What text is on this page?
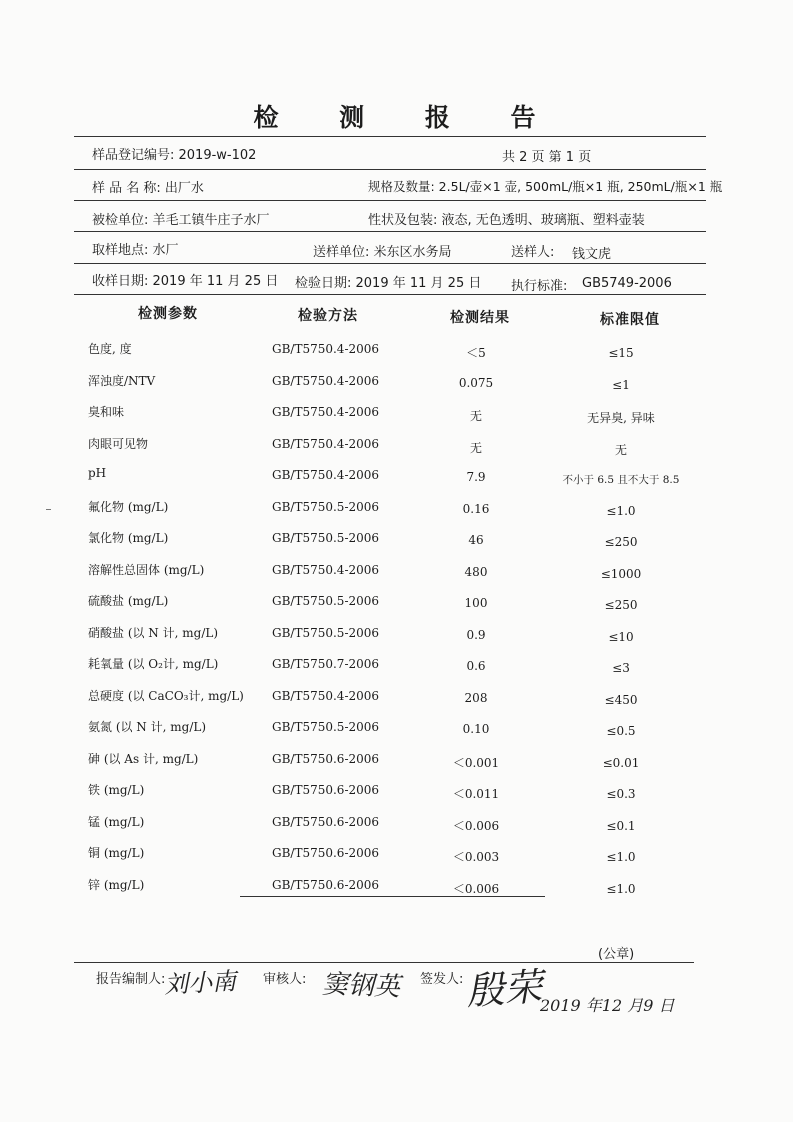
检 测 报 告
样品登记编号: 2019-w-102	共 2 页 第 1 页
样 品 名 称: 出厂水	规格及数量: 2.5L/壶×1 壶, 500mL/瓶×1 瓶, 250mL/瓶×1 瓶
被检单位: 羊毛工镇牛庄子水厂	性状及包装: 液态, 无色透明、玻璃瓶、塑料壶装
取样地点: 水厂	送样单位: 米东区水务局	送样人: 钱文虎
收样日期: 2019 年 11 月 25 日 检验日期: 2019 年 11 月 25 日 执行标准: GB5749-2006
检测参数	检验方法	检测结果	标准限值
色度, 度	GB/T5750.4-2006	＜5	≤15
浑浊度/NTV	GB/T5750.4-2006	0.075	≤1
臭和味	GB/T5750.4-2006	无	无异臭, 异味
肉眼可见物	GB/T5750.4-2006	无	无
pH	GB/T5750.4-2006	7.9	不小于 6.5 且不大于 8.5
氟化物 (mg/L)	GB/T5750.5-2006	0.16	≤1.0
氯化物 (mg/L)	GB/T5750.5-2006	46	≤250
溶解性总固体 (mg/L)	GB/T5750.4-2006	480	≤1000
硫酸盐 (mg/L)	GB/T5750.5-2006	100	≤250
硝酸盐 (以 N 计, mg/L)	GB/T5750.5-2006	0.9	≤10
耗氧量 (以 O₂计, mg/L)	GB/T5750.7-2006	0.6	≤3
总硬度 (以 CaCO₃计, mg/L) GB/T5750.4-2006	208	≤450
氨氮 (以 N 计, mg/L)	GB/T5750.5-2006	0.10	≤0.5
砷 (以 As 计, mg/L)	GB/T5750.6-2006	＜0.001	≤0.01
铁 (mg/L)	GB/T5750.6-2006	＜0.011	≤0.3
锰 (mg/L)	GB/T5750.6-2006	＜0.006	≤0.1
铜 (mg/L)	GB/T5750.6-2006	＜0.003	≤1.0
锌 (mg/L)	GB/T5750.6-2006	＜0.006	≤1.0
(公章)
报告编制人:
刘小南 审核人: 窦钢英 签发人: 殷荣
2019 年12 月9 日
